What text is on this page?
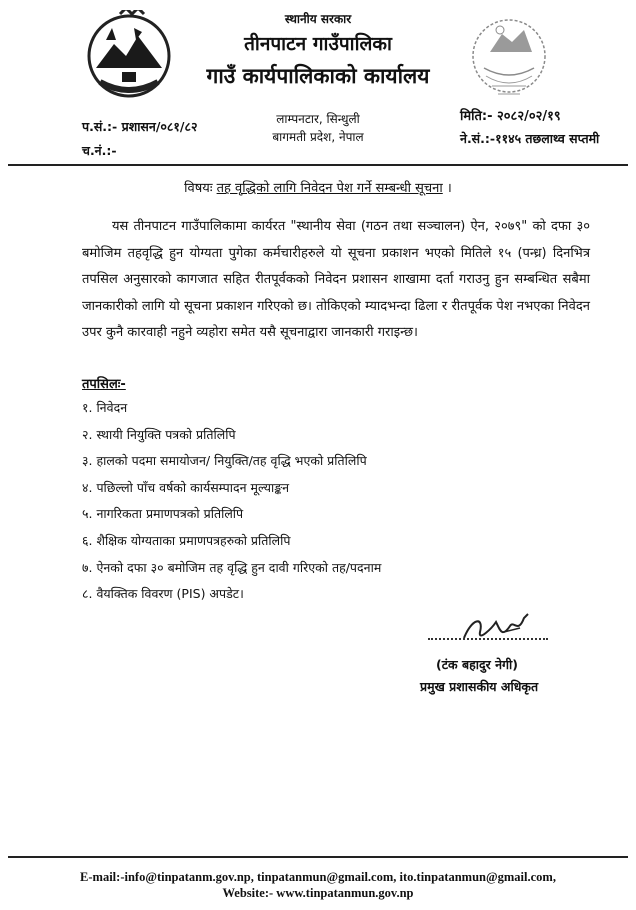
स्थानीय सरकार
तीनपाटन गाउँपालिका
गाउँ कार्यपालिकाको कार्यालय
लाम्पनटार, सिन्धुली
बागमती प्रदेश, नेपाल
प.सं.:- प्रशासन/०८१/८२
च.नं.:-
मिति:- २०८२/०२/१९
ने.सं.:-११४५ तछलाथ्व सप्तमी
विषयः तह वृद्धिको लागि निवेदन पेश गर्ने सम्बन्धी सूचना ।
यस तीनपाटन गाउँपालिकामा कार्यरत "स्थानीय सेवा (गठन तथा सञ्चालन) ऐन, २०७९" को दफा ३० बमोजिम तहवृद्धि हुन योग्यता पुगेका कर्मचारीहरुले यो सूचना प्रकाशन भएको मितिले १५ (पन्ध्र) दिनभित्र तपसिल अनुसारको कागजात सहित रीतपूर्वकको निवेदन प्रशासन शाखामा दर्ता गराउनु हुन सम्बन्धित सबैमा जानकारीको लागि यो सूचना प्रकाशन गरिएको छ। तोकिएको म्यादभन्दा ढिला र रीतपूर्वक पेश नभएका निवेदन उपर कुनै कारवाही नहुने व्यहोरा समेत यसै सूचनाद्वारा जानकारी गराइन्छ।
तपसिलः-
१. निवेदन
२. स्थायी नियुक्ति पत्रको प्रतिलिपि
३. हालको पदमा समायोजन/ नियुक्ति/तह वृद्धि भएको प्रतिलिपि
४. पछिल्लो पाँच वर्षको कार्यसम्पादन मूल्याङ्कन
५. नागरिकता प्रमाणपत्रको प्रतिलिपि
६. शैक्षिक योग्यताका प्रमाणपत्रहरुको प्रतिलिपि
७. ऐनको दफा ३० बमोजिम तह वृद्धि हुन दावी गरिएको तह/पदनाम
८. वैयक्तिक विवरण (PIS) अपडेट।
(टंक बहादुर नेगी)
प्रमुख प्रशासकीय अधिकृत
E-mail:-info@tinpatanm.gov.np, tinpatanmun@gmail.com, ito.tinpatanmun@gmail.com,
Website:- www.tinpatanmun.gov.np
